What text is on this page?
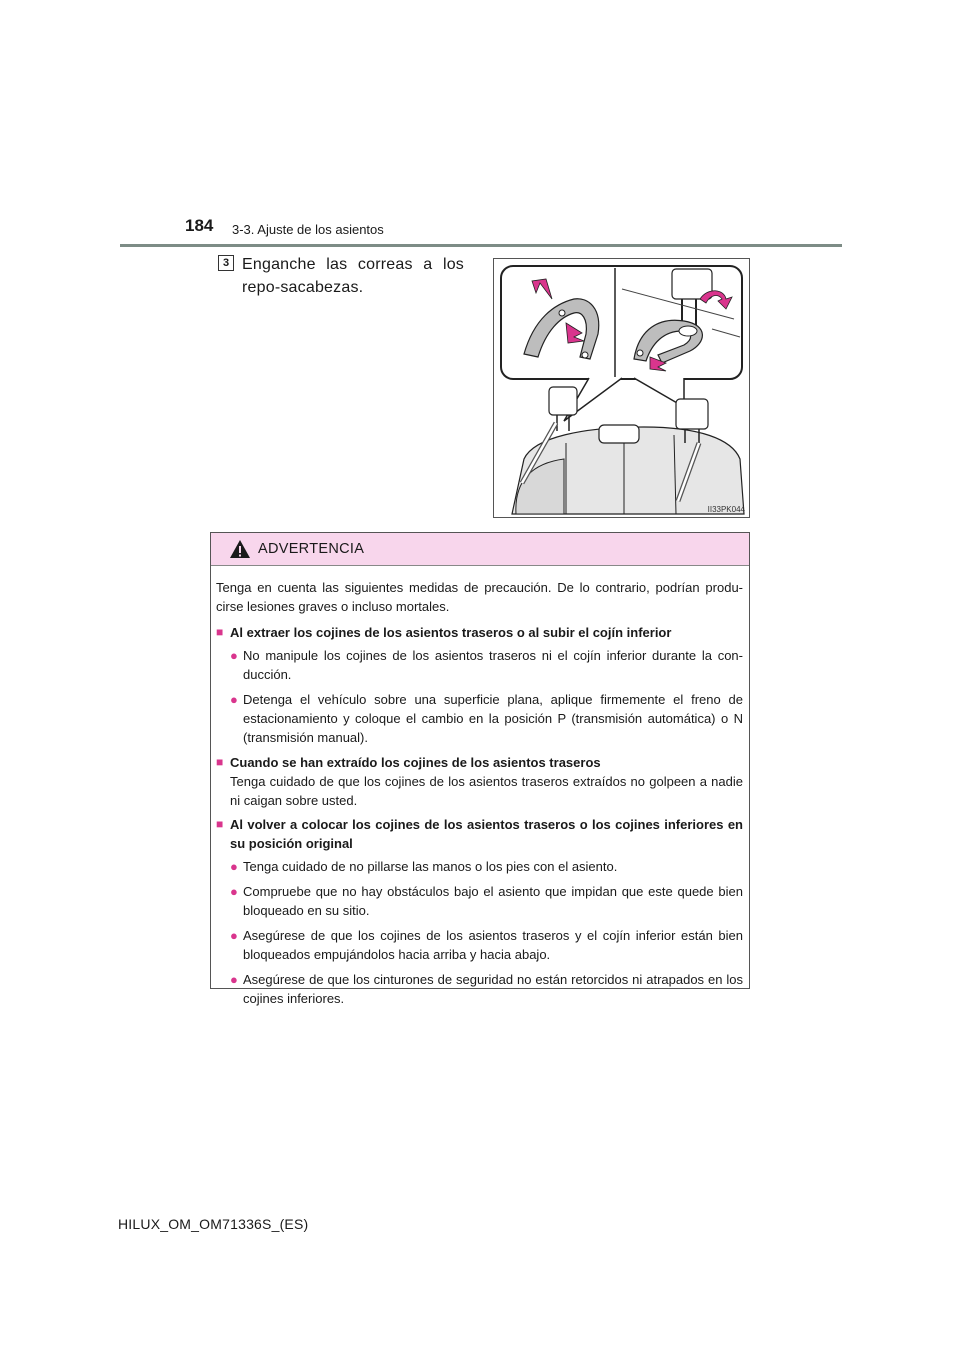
184 3-3. Ajuste de los asientos
3 Enganche las correas a los repo-sacabezas.
II33PK044
ADVERTENCIA

Tenga en cuenta las siguientes medidas de precaución. De lo contrario, podrían produ-cirse lesiones graves o incluso mortales.

■ Al extraer los cojines de los asientos traseros o al subir el cojín inferior
● No manipule los cojines de los asientos traseros ni el cojín inferior durante la con-ducción.
● Detenga el vehículo sobre una superficie plana, aplique firmemente el freno de estacionamiento y coloque el cambio en la posición P (transmisión automática) o N (transmisión manual).
■ Cuando se han extraído los cojines de los asientos traseros

Tenga cuidado de que los cojines de los asientos traseros extraídos no golpeen a nadie ni caigan sobre usted.

■ Al volver a colocar los cojines de los asientos traseros o los cojines inferiores en su posición original
● Tenga cuidado de no pillarse las manos o los pies con el asiento.
● Compruebe que no hay obstáculos bajo el asiento que impidan que este quede bien bloqueado en su sitio.
● Asegúrese de que los cojines de los asientos traseros y el cojín inferior están bien bloqueados empujándolos hacia arriba y hacia abajo.
● Asegúrese de que los cinturones de seguridad no están retorcidos ni atrapados en los cojines inferiores.
HILUX_OM_OM71336S_(ES)
